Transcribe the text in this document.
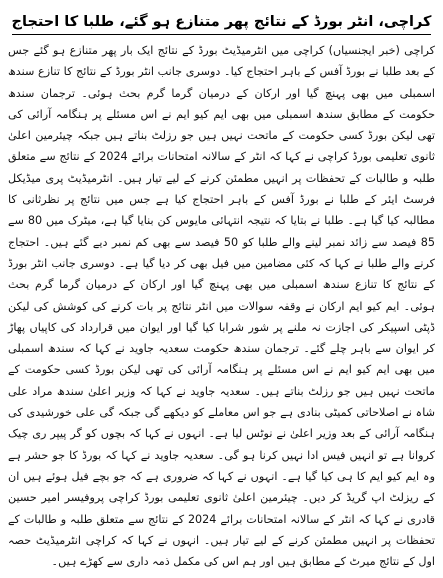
کراچی، انٹر بورڈ کے نتائج پھر متنازع ہو گئے، طلبا کا احتجاج

کراچی (خبر ایجنسیاں) کراچی میں انٹرمیڈیٹ بورڈ کے نتائج ایک بار پھر متنازع ہو گئے جس کے بعد طلبا نے بورڈ آفس کے باہر احتجاج کیا۔ دوسری جانب انٹر بورڈ کے نتائج کا تنازع سندھ اسمبلی میں بھی پہنچ گیا اور ارکان کے درمیان گرما گرم بحث ہوئی۔ ترجمان سندھ حکومت کے مطابق سندھ اسمبلی میں بھی ایم کیو ایم نے اس مسئلے پر ہنگامہ آرائی کی تھی لیکن بورڈ کسی حکومت کے ماتحت نہیں ہیں جو رزلٹ بناتے ہیں جبکہ چیئرمین اعلیٰ ثانوی تعلیمی بورڈ کراچی نے کہا کہ انٹر کے سالانہ امتحانات برائے 2024 کے نتائج سے متعلق طلبہ و طالبات کے تحفظات پر انہیں مطمئن کرنے کے لیے تیار ہیں۔ انٹرمیڈیٹ پری میڈیکل فرسٹ ایئر کے طلبا نے بورڈ آفس کے باہر احتجاج کیا ہے جس میں نتائج پر نظرثانی کا مطالبہ کیا گیا ہے۔ طلبا نے بتایا کہ نتیجہ انتہائی مایوس کن بنایا گیا ہے، میٹرک میں 80 سے 85 فیصد سے زائد نمبر لینے والے طلبا کو 50 فیصد سے بھی کم نمبر دیے گئے ہیں۔ احتجاج کرنے والے طلبا نے کہا کہ کئی مضامین میں فیل بھی کر دیا گیا ہے۔ دوسری جانب انٹر بورڈ کے نتائج کا تنازع سندھ اسمبلی میں بھی پہنچ گیا اور ارکان کے درمیان گرما گرم بحث ہوئی۔ ایم کیو ایم ارکان نے وقفہ سوالات میں انٹر نتائج پر بات کرنے کی کوشش کی لیکن ڈپٹی اسپیکر کی اجازت نہ ملنے پر شور شرابا کیا گیا اور ایوان میں قرارداد کی کاپیاں پھاڑ کر ایوان سے باہر چلے گئے۔ ترجمان سندھ حکومت سعدیہ جاوید نے کہا کہ سندھ اسمبلی میں بھی ایم کیو ایم نے اس مسئلے پر ہنگامہ آرائی کی تھی لیکن بورڈ کسی حکومت کے ماتحت نہیں ہیں جو رزلٹ بناتے ہیں۔ سعدیہ جاوید نے کہا کہ وزیر اعلیٰ سندھ مراد علی شاہ نے اصلاحاتی کمیٹی بنادی ہے جو اس معاملے کو دیکھے گی جبکہ گی علی خورشیدی کی ہنگامہ آرائی کے بعد وزیر اعلیٰ نے نوٹس لیا ہے۔ انہوں نے کہا کہ بچوں کو گر پیپر ری چیک کروانا ہے تو انہیں فیس ادا نہیں کرنا ہو گی۔ سعدیہ جاوید نے کہا کہ بورڈ کا جو حشر ہے وہ ایم کیو ایم کا ہی کیا گیا ہے۔ انہوں نے کہا کہ ضروری ہے کہ جو بچے فیل ہوئے ہیں ان کے ریزلٹ اپ گریڈ کر دیں۔ چیئرمین اعلیٰ ثانوی تعلیمی بورڈ کراچی پروفیسر امیر حسین قادری نے کہا کہ انٹر کے سالانہ امتحانات برائے 2024 کے نتائج سے متعلق طلبہ و طالبات کے تحفظات پر انہیں مطمئن کرنے کے لیے تیار ہیں۔ انہوں نے کہا کہ کراچی انٹرمیڈیٹ حصہ اول کے نتائج میرٹ کے مطابق ہیں اور ہم اس کی مکمل ذمہ داری سے کھڑے ہیں۔
